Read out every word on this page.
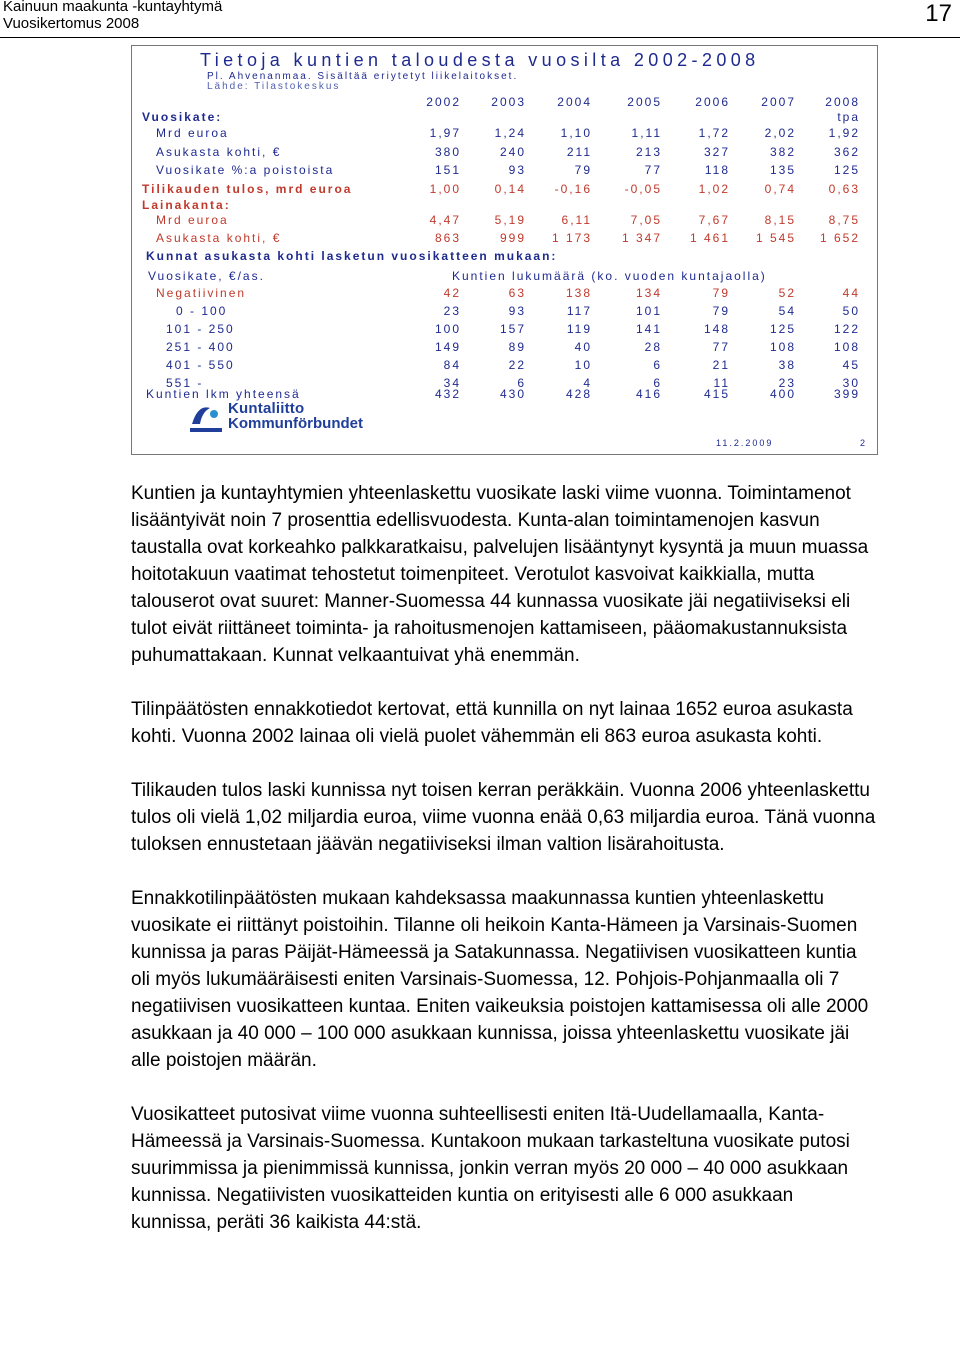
Kainuun maakunta -kuntayhtymä
Vuosikertomus 2008	17
Tietoja kuntien taloudesta vuosilta 2002-2008
Pl. Ahvenanmaa. Sisältää eriytetyt liikelaitokset.
Lähde: Tilastokeskus
2002	2003	2004	2005	2006	2007	2008
Vuosikate:	tpa
Mrd euroa	1,97	1,24	1,10	1,11	1,72	2,02	1,92
Asukasta kohti, €	380	240	211	213	327	382	362
Vuosikate %:a poistoista	151	93	79	77	118	135	125
Tilikauden tulos, mrd euroa	1,00	0,14	-0,16	-0,05	1,02	0,74	0,63
Lainakanta:
Mrd euroa	4,47	5,19	6,11	7,05	7,67	8,15	8,75
Asukasta kohti, €	863	999	1 173	1 347	1 461	1 545	1 652
Kunnat asukasta kohti lasketun vuosikatteen mukaan:
Vuosikate, €/as.	Kuntien lukumäärä (ko. vuoden kuntajaolla)
Negatiivinen	42	63	138	134	79	52	44
0 - 100	23	93	117	101	79	54	50
101 - 250	100	157	119	141	148	125	122
251 - 400	149	89	40	28	77	108	108
401 - 550	84	22	10	6	21	38	45
551 -	34	6	4	6	11	23	30
Kuntien lkm yhteensä	432	430	428	416	415	400	399
Kuntaliitto
Kommunförbundet
11.2.2009	2

Kuntien ja kuntayhtymien yhteenlaskettu vuosikate laski viime vuonna. Toimintamenot lisääntyivät noin 7 prosenttia edellisvuodesta. Kunta-alan toimintamenojen kasvun taustalla ovat korkeahko palkkaratkaisu, palvelujen lisääntynyt kysyntä ja muun muassa hoitotakuun vaatimat tehostetut toimenpiteet. Verotulot kasvoivat kaikkialla, mutta talouserot ovat suuret: Manner-Suomessa 44 kunnassa vuosikate jäi negatiiviseksi eli tulot eivät riittäneet toiminta- ja rahoitusmenojen kattamiseen, pääomakustannuksista puhumattakaan. Kunnat velkaantuivat yhä enemmän.

Tilinpäätösten ennakkotiedot kertovat, että kunnilla on nyt lainaa 1652 euroa asukasta kohti. Vuonna 2002 lainaa oli vielä puolet vähemmän eli 863 euroa asukasta kohti.

Tilikauden tulos laski kunnissa nyt toisen kerran peräkkäin. Vuonna 2006 yhteenlaskettu tulos oli vielä 1,02 miljardia euroa, viime vuonna enää 0,63 miljardia euroa. Tänä vuonna tuloksen ennustetaan jäävän negatiiviseksi ilman valtion lisärahoitusta.

Ennakkotilinpäätösten mukaan kahdeksassa maakunnassa kuntien yhteenlaskettu vuosikate ei riittänyt poistoihin. Tilanne oli heikoin Kanta-Hämeen ja Varsinais-Suomen kunnissa ja paras Päijät-Hämeessä ja Satakunnassa. Negatiivisen vuosikatteen kuntia oli myös lukumääräisesti eniten Varsinais-Suomessa, 12. Pohjois-Pohjanmaalla oli 7 negatiivisen vuosikatteen kuntaa. Eniten vaikeuksia poistojen kattamisessa oli alle 2000 asukkaan ja 40 000 – 100 000 asukkaan kunnissa, joissa yhteenlaskettu vuosikate jäi alle poistojen määrän.

Vuosikatteet putosivat viime vuonna suhteellisesti eniten Itä-Uudellamaalla, Kanta-Hämeessä ja Varsinais-Suomessa. Kuntakoon mukaan tarkasteltuna vuosikate putosi suurimmissa ja pienimmissä kunnissa, jonkin verran myös 20 000 – 40 000 asukkaan kunnissa. Negatiivisten vuosikatteiden kuntia on erityisesti alle 6 000 asukkaan kunnissa, peräti 36 kaikista 44:stä.
